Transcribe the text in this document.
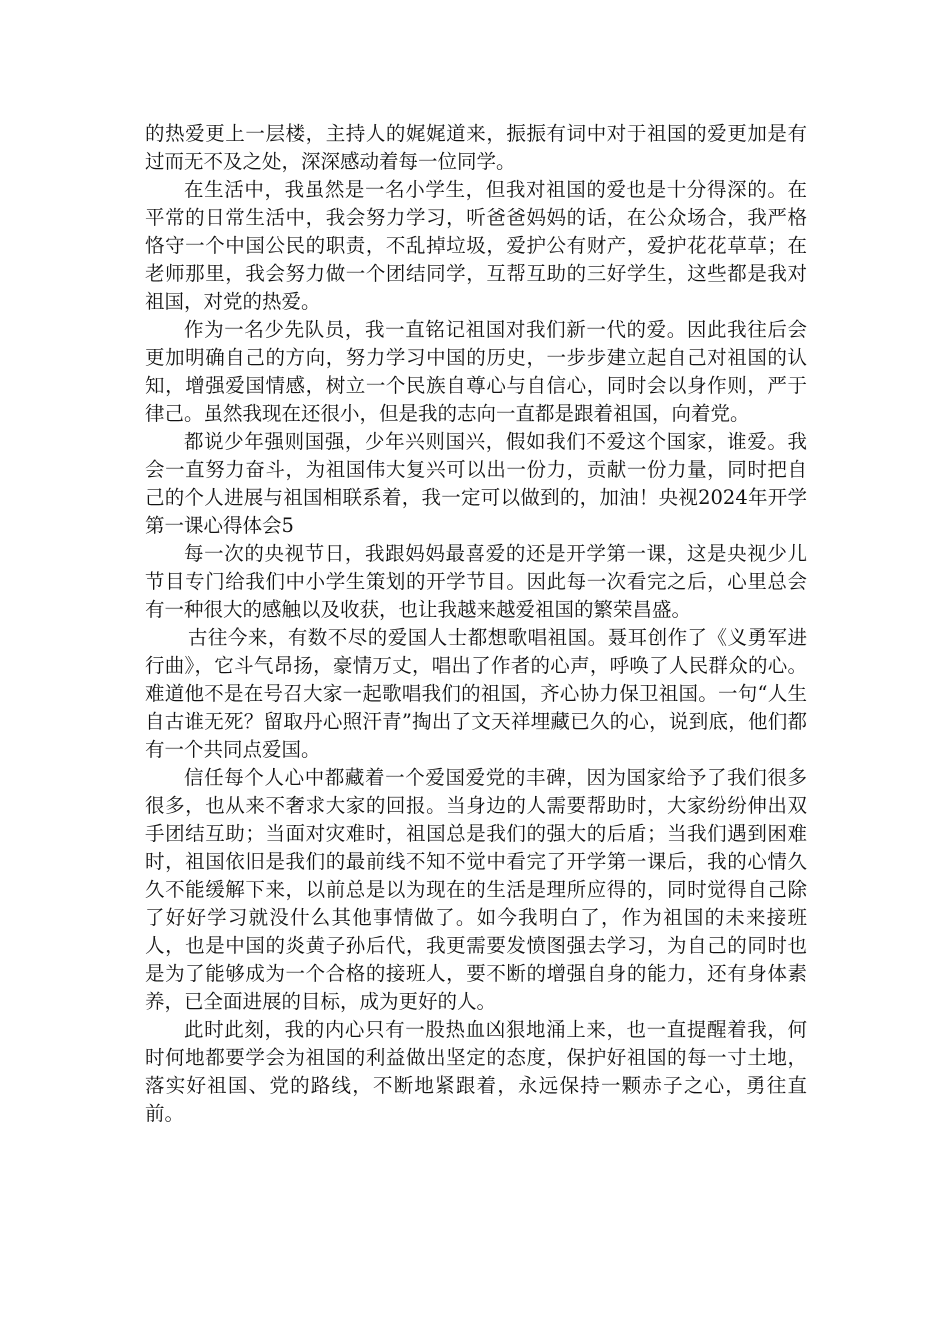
的热爱更上一层楼，主持人的娓娓道来，振振有词中对于祖国的爱更加是有过而无不及之处，深深感动着每一位同学。

在生活中，我虽然是一名小学生，但我对祖国的爱也是十分得深的。在平常的日常生活中，我会努力学习，听爸爸妈妈的话，在公众场合，我严格恪守一个中国公民的职责，不乱掉垃圾，爱护公有财产，爱护花花草草；在老师那里，我会努力做一个团结同学，互帮互助的三好学生，这些都是我对祖国，对党的热爱。

作为一名少先队员，我一直铭记祖国对我们新一代的爱。因此我往后会更加明确自己的方向，努力学习中国的历史，一步步建立起自己对祖国的认知，增强爱国情感，树立一个民族自尊心与自信心，同时会以身作则，严于律己。虽然我现在还很小，但是我的志向一直都是跟着祖国，向着党。

都说少年强则国强，少年兴则国兴，假如我们不爱这个国家，谁爱。我会一直努力奋斗，为祖国伟大复兴可以出一份力，贡献一份力量，同时把自己的个人进展与祖国相联系着，我一定可以做到的，加油！央视2024年开学第一课心得体会5

每一次的央视节日，我跟妈妈最喜爱的还是开学第一课，这是央视少儿节目专门给我们中小学生策划的开学节目。因此每一次看完之后，心里总会有一种很大的感触以及收获，也让我越来越爱祖国的繁荣昌盛。

古往今来，有数不尽的爱国人士都想歌唱祖国。聂耳创作了《义勇军进行曲》，它斗气昂扬，豪情万丈，唱出了作者的心声，呼唤了人民群众的心。难道他不是在号召大家一起歌唱我们的祖国，齐心协力保卫祖国。一句“人生自古谁无死？留取丹心照汗青”掏出了文天祥埋藏已久的心，说到底，他们都有一个共同点爱国。

信任每个人心中都藏着一个爱国爱党的丰碑，因为国家给予了我们很多很多，也从来不奢求大家的回报。当身边的人需要帮助时，大家纷纷伸出双手团结互助；当面对灾难时，祖国总是我们的强大的后盾；当我们遇到困难时，祖国依旧是我们的最前线不知不觉中看完了开学第一课后，我的心情久久不能缓解下来，以前总是以为现在的生活是理所应得的，同时觉得自己除了好好学习就没什么其他事情做了。如今我明白了，作为祖国的未来接班人，也是中国的炎黄子孙后代，我更需要发愤图强去学习，为自己的同时也是为了能够成为一个合格的接班人，要不断的增强自身的能力，还有身体素养，已全面进展的目标，成为更好的人。

此时此刻，我的内心只有一股热血凶狠地涌上来，也一直提醒着我，何时何地都要学会为祖国的利益做出坚定的态度，保护好祖国的每一寸土地，落实好祖国、党的路线，不断地紧跟着，永远保持一颗赤子之心，勇往直前。
